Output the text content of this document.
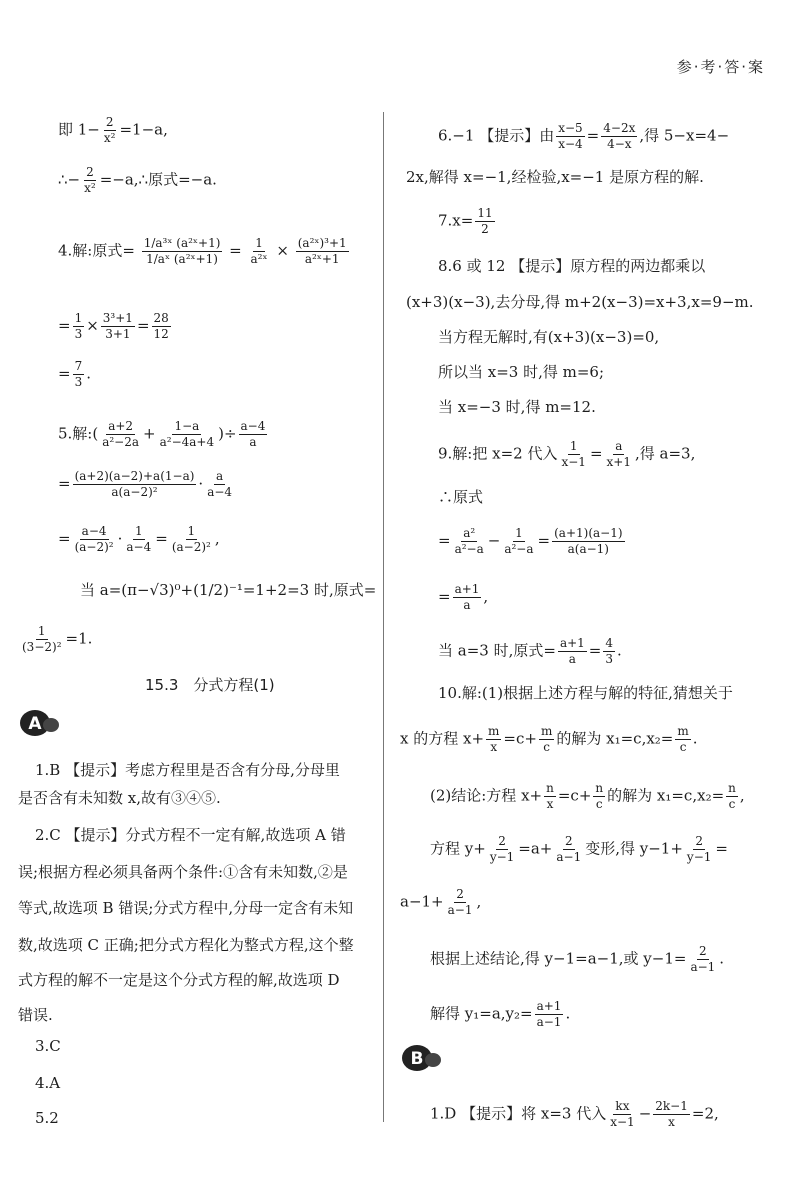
参·考·答·案
即 $1- \frac{2}{\text{x²}} =1-a$,
∴− $\frac{2}{\text{x²}}$ =−a,∴原式=−a.
4.解:原式= $\frac{\text{1/a³ˣ (a²ˣ+1)}}{\text{1/aˣ (a²ˣ+1)}} = \frac{1}{\text{a²ˣ}} \times \frac{\text{(a²ˣ)³+1}}{\text{a²ˣ+1}}$
= $\frac{1}{3} \times \frac{\text{3³+1}}{3+1} = \frac{28}{12}$
= $\frac{7}{3}$ .
5.解:( $\frac{a+2}{\text{a²−2a}} + \frac{1-a}{\text{a²−4a+4}}$ )÷ $\frac{a-4}{a}$
= $\frac{(a+2)(a-2)+a(1-a)}{\text{a(a−2)²}} \cdot \frac{a}{a-4}$
= $\frac{a-4}{\text{(a−2)²}} \cdot \frac{1}{a-4} = \frac{1}{\text{(a−2)²}}$ ,
当 a=(π−√3)⁰+(1/2)⁻¹=1+2=3 时,原式=
$\frac{1}{\text{(3−2)²}} =1$.
15.3　分式方程(1)
A
1.B 【提示】考虑方程里是否含有分母,分母里
是否含有未知数 x,故有③④⑤.
2.C 【提示】分式方程不一定有解,故选项 A 错
误;根据方程必须具备两个条件:①含有未知数,②是
等式,故选项 B 错误;分式方程中,分母一定含有未知
数,故选项 C 正确;把分式方程化为整式方程,这个整
式方程的解不一定是这个分式方程的解,故选项 D
错误.
3.C
4.A
5.2
6.−1 【提示】由 $\frac{x-5}{x-4} = \frac{4-2x}{4-x}$ ,得 5−x=4−
2x,解得 x=−1,经检验,x=−1 是原方程的解.
$7.x= \frac{11}{2}$
8.6 或 12 【提示】原方程的两边都乘以
(x+3)(x−3),去分母,得 m+2(x−3)=x+3,x=9−m.
当方程无解时,有(x+3)(x−3)=0,
所以当 x=3 时,得 m=6;
当 x=−3 时,得 m=12.
9.解:把 x=2 代入 $\frac{1}{x-1} = \frac{a}{x+1}$ ,得 a=3,
∴原式
= $\frac{\text{a²}}{\text{a²−a}} - \frac{1}{\text{a²−a}} = \frac{(a+1)(a-1)}{a(a-1)}$
= $\frac{a+1}{a}$ ,
当 a=3 时,原式= $\frac{a+1}{a} = \frac{4}{3}$ .
10.解:(1)根据上述方程与解的特征,猜想关于
x 的方程 $x+ \frac{m}{x} =c+ \frac{m}{c}$ 的解为 $x_1=c,x_2= \frac{m}{c}$ .
(2)结论:方程 $x+ \frac{n}{x} =c+ \frac{n}{c}$ 的解为 $x_1=c,x_2= \frac{n}{c}$ ,
方程 $y+ \frac{2}{y-1} =a+ \frac{2}{a-1}$ 变形,得 $y-1+ \frac{2}{y-1}$ =
$a-1+ \frac{2}{a-1}$ ,
根据上述结论,得 y−1=a−1,或 $y-1= \frac{2}{a-1}$ .
解得 $y_1=a,y_2= \frac{a+1}{a-1}$ .
B
1.D 【提示】将 x=3 代入 $\frac{kx}{x-1} - \frac{2k-1}{x} =2$,
